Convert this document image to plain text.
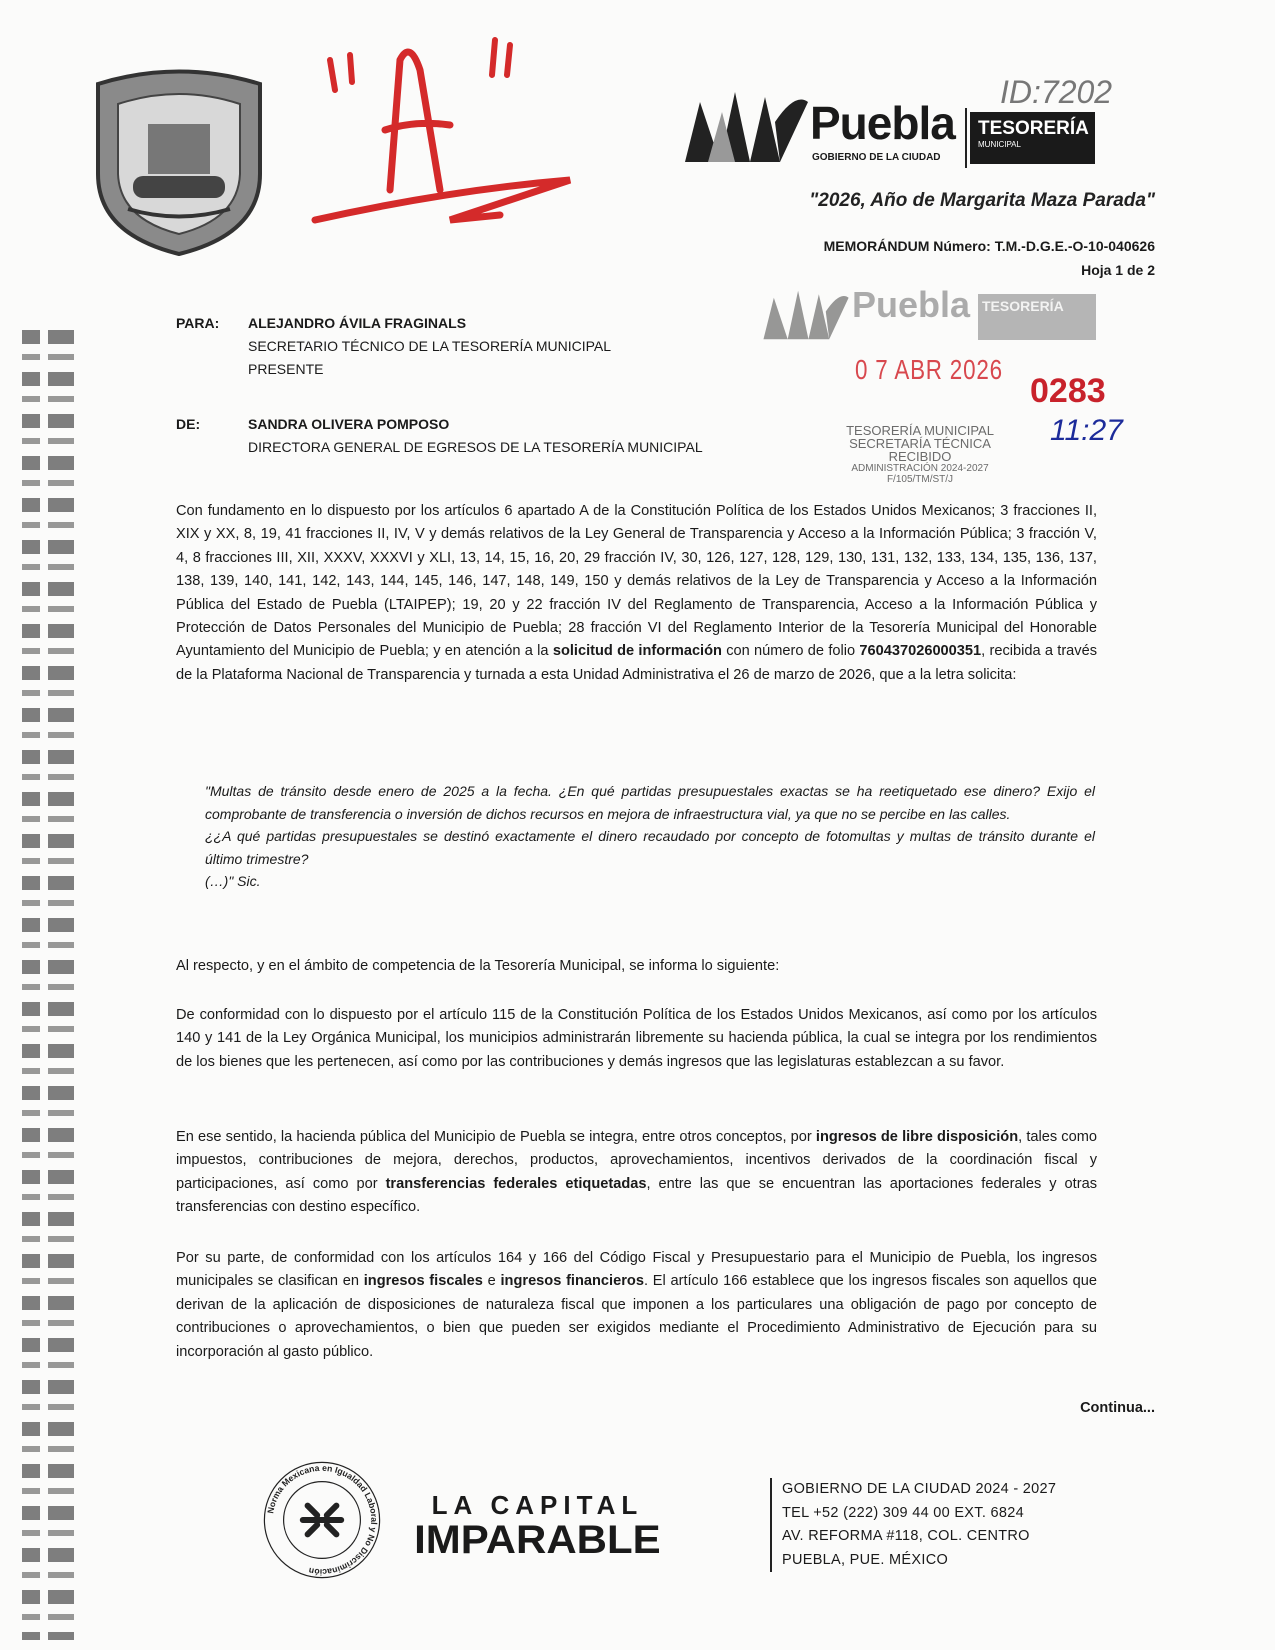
Puebla
GOBIERNO DE LA CIUDAD
TESORERÍA
MUNICIPAL
ID:7202
"2026, Año de Margarita Maza Parada"
MEMORÁNDUM Número: T.M.-D.G.E.-O-10-040626
Hoja 1 de 2
Puebla TESORERÍA
0 7 ABR 2026
0283
11:27
TESORERÍA MUNICIPAL
SECRETARÍA TÉCNICA
RECIBIDO
ADMINISTRACIÓN 2024-2027
F/105/TM/ST/J
PARA: ALEJANDRO ÁVILA FRAGINALS
SECRETARIO TÉCNICO DE LA TESORERÍA MUNICIPAL
PRESENTE
DE:	SANDRA OLIVERA POMPOSO
DIRECTORA GENERAL DE EGRESOS DE LA TESORERÍA MUNICIPAL

Con fundamento en lo dispuesto por los artículos 6 apartado A de la Constitución Política de los Estados Unidos Mexicanos; 3 fracciones II, XIX y XX, 8, 19, 41 fracciones II, IV, V y demás relativos de la Ley General de Transparencia y Acceso a la Información Pública; 3 fracción V, 4, 8 fracciones III, XII, XXXV, XXXVI y XLI, 13, 14, 15, 16, 20, 29 fracción IV, 30, 126, 127, 128, 129, 130, 131, 132, 133, 134, 135, 136, 137, 138, 139, 140, 141, 142, 143, 144, 145, 146, 147, 148, 149, 150 y demás relativos de la Ley de Transparencia y Acceso a la Información Pública del Estado de Puebla (LTAIPEP); 19, 20 y 22 fracción IV del Reglamento de Transparencia, Acceso a la Información Pública y Protección de Datos Personales del Municipio de Puebla; 28 fracción VI del Reglamento Interior de la Tesorería Municipal del Honorable Ayuntamiento del Municipio de Puebla; y en atención a la solicitud de información con número de folio 760437026000351, recibida a través de la Plataforma Nacional de Transparencia y turnada a esta Unidad Administrativa el 26 de marzo de 2026, que a la letra solicita:

"Multas de tránsito desde enero de 2025 a la fecha. ¿En qué partidas presupuestales exactas se ha reetiquetado ese dinero? Exijo el comprobante de transferencia o inversión de dichos recursos en mejora de infraestructura vial, ya que no se percibe en las calles.
¿¿A qué partidas presupuestales se destinó exactamente el dinero recaudado por concepto de fotomultas y multas de tránsito durante el último trimestre?
(…)" Sic.

Al respecto, y en el ámbito de competencia de la Tesorería Municipal, se informa lo siguiente:

De conformidad con lo dispuesto por el artículo 115 de la Constitución Política de los Estados Unidos Mexicanos, así como por los artículos 140 y 141 de la Ley Orgánica Municipal, los municipios administrarán libremente su hacienda pública, la cual se integra por los rendimientos de los bienes que les pertenecen, así como por las contribuciones y demás ingresos que las legislaturas establezcan a su favor.

En ese sentido, la hacienda pública del Municipio de Puebla se integra, entre otros conceptos, por ingresos de libre disposición, tales como impuestos, contribuciones de mejora, derechos, productos, aprovechamientos, incentivos derivados de la coordinación fiscal y participaciones, así como por transferencias federales etiquetadas, entre las que se encuentran las aportaciones federales y otras transferencias con destino específico.

Por su parte, de conformidad con los artículos 164 y 166 del Código Fiscal y Presupuestario para el Municipio de Puebla, los ingresos municipales se clasifican en ingresos fiscales e ingresos financieros. El artículo 166 establece que los ingresos fiscales son aquellos que derivan de la aplicación de disposiciones de naturaleza fiscal que imponen a los particulares una obligación de pago por concepto de contribuciones o aprovechamientos, o bien que pueden ser exigidos mediante el Procedimiento Administrativo de Ejecución para su incorporación al gasto público.

Continua...
Norma Mexicana en Igualdad Laboral y No Discriminación
LA CAPITAL
IMPARABLE
GOBIERNO DE LA CIUDAD 2024 - 2027
TEL +52 (222) 309 44 00 EXT. 6824
AV. REFORMA #118, COL. CENTRO
PUEBLA, PUE. MÉXICO
